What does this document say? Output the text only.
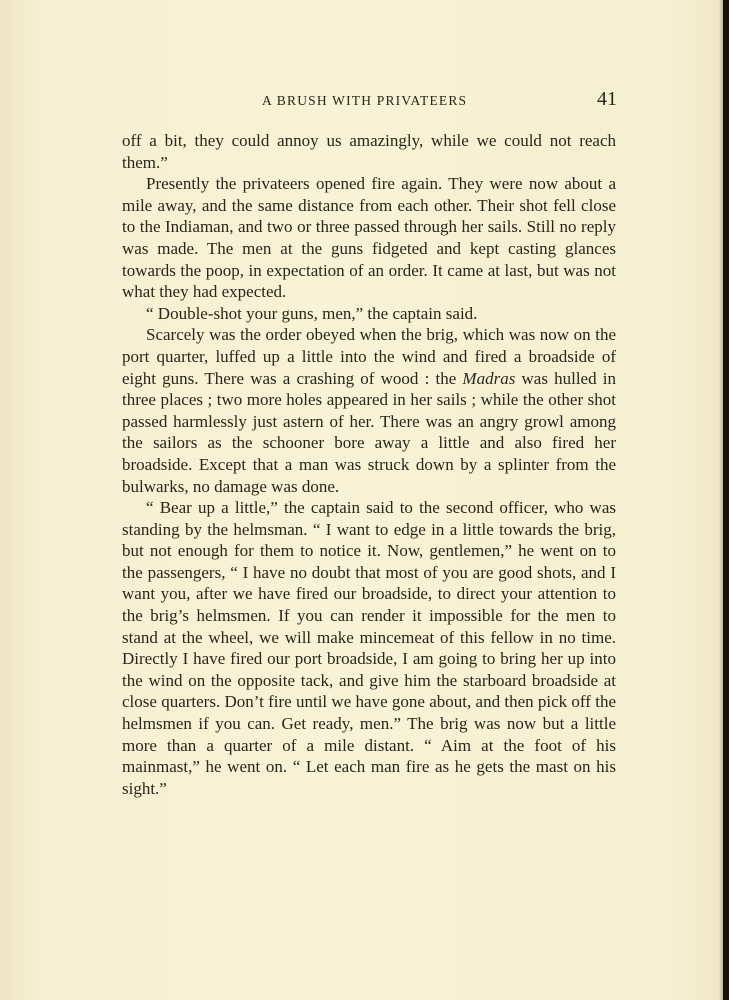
A BRUSH WITH PRIVATEERS	41

off a bit, they could annoy us amazingly, while we could not reach them.”

Presently the privateers opened fire again. They were now about a mile away, and the same distance from each other. Their shot fell close to the Indiaman, and two or three passed through her sails. Still no reply was made. The men at the guns fidgeted and kept casting glances towards the poop, in expectation of an order. It came at last, but was not what they had expected.

“ Double-shot your guns, men,” the captain said.

Scarcely was the order obeyed when the brig, which was now on the port quarter, luffed up a little into the wind and fired a broadside of eight guns. There was a crashing of wood : the Madras was hulled in three places ; two more holes appeared in her sails ; while the other shot passed harmlessly just astern of her. There was an angry growl among the sailors as the schooner bore away a little and also fired her broadside. Except that a man was struck down by a splinter from the bulwarks, no damage was done.

“ Bear up a little,” the captain said to the second officer, who was standing by the helmsman. “ I want to edge in a little towards the brig, but not enough for them to notice it. Now, gentlemen,” he went on to the passengers, “ I have no doubt that most of you are good shots, and I want you, after we have fired our broadside, to direct your attention to the brig’s helmsmen. If you can render it impossible for the men to stand at the wheel, we will make mincemeat of this fellow in no time. Directly I have fired our port broadside, I am going to bring her up into the wind on the opposite tack, and give him the starboard broadside at close quarters. Don’t fire until we have gone about, and then pick off the helmsmen if you can. Get ready, men.” The brig was now but a little more than a quarter of a mile distant. “ Aim at the foot of his mainmast,” he went on. “ Let each man fire as he gets the mast on his sight.”
